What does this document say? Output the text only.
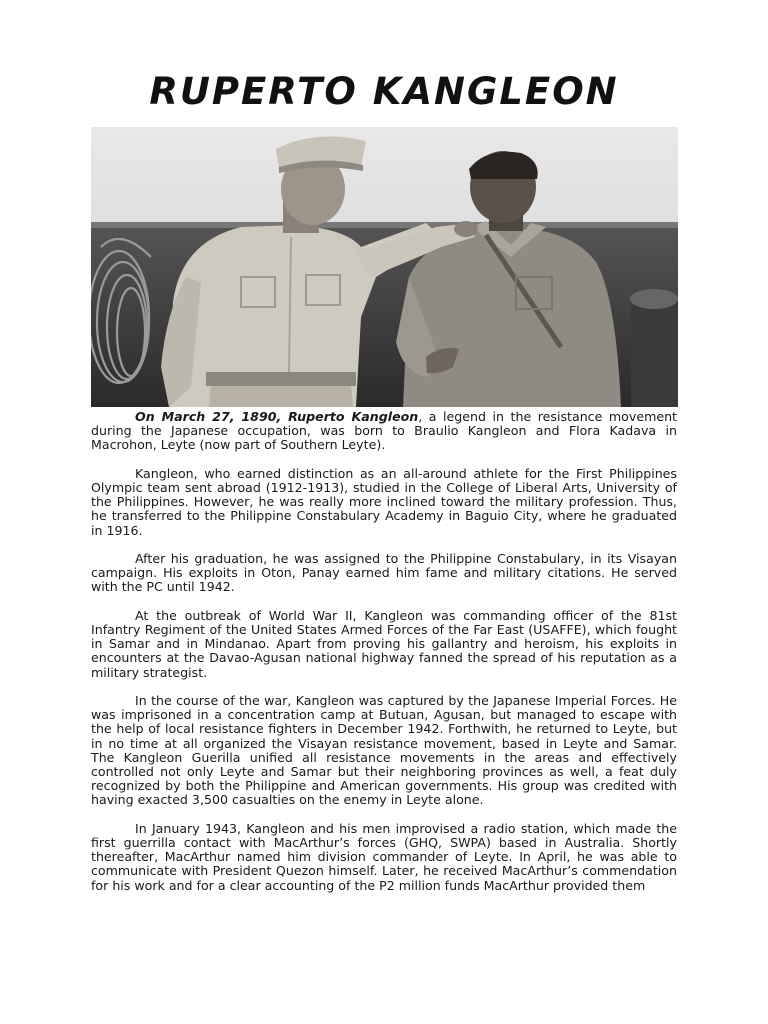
RUPERTO KANGLEON

On March 27, 1890, Ruperto Kangleon, a legend in the resistance movement during the Japanese occupation, was born to Braulio Kangleon and Flora Kadava in Macrohon, Leyte (now part of Southern Leyte).

Kangleon, who earned distinction as an all-around athlete for the First Philippines Olympic team sent abroad (1912-1913), studied in the College of Liberal Arts, University of the Philippines. However, he was really more inclined toward the military profession. Thus, he transferred to the Philippine Constabulary Academy in Baguio City, where he graduated in 1916.

After his graduation, he was assigned to the Philippine Constabulary, in its Visayan campaign. His exploits in Oton, Panay earned him fame and military citations. He served with the PC until 1942.

At the outbreak of World War II, Kangleon was commanding officer of the 81st Infantry Regiment of the United States Armed Forces of the Far East (USAFFE), which fought in Samar and in Mindanao. Apart from proving his gallantry and heroism, his exploits in encounters at the Davao-Agusan national highway fanned the spread of his reputation as a military strategist.

In the course of the war, Kangleon was captured by the Japanese Imperial Forces. He was imprisoned in a concentration camp at Butuan, Agusan, but managed to escape with the help of local resistance fighters in December 1942. Forthwith, he returned to Leyte, but in no time at all organized the Visayan resistance movement, based in Leyte and Samar. The Kangleon Guerilla unified all resistance movements in the areas and effectively controlled not only Leyte and Samar but their neighboring provinces as well, a feat duly recognized by both the Philippine and American governments. His group was credited with having exacted 3,500 casualties on the enemy in Leyte alone.

In January 1943, Kangleon and his men improvised a radio station, which made the first guerrilla contact with MacArthur’s forces (GHQ, SWPA) based in Australia. Shortly thereafter, MacArthur named him division commander of Leyte. In April, he was able to communicate with President Quezon himself. Later, he received MacArthur’s commendation for his work and for a clear accounting of the P2 million funds MacArthur provided them
